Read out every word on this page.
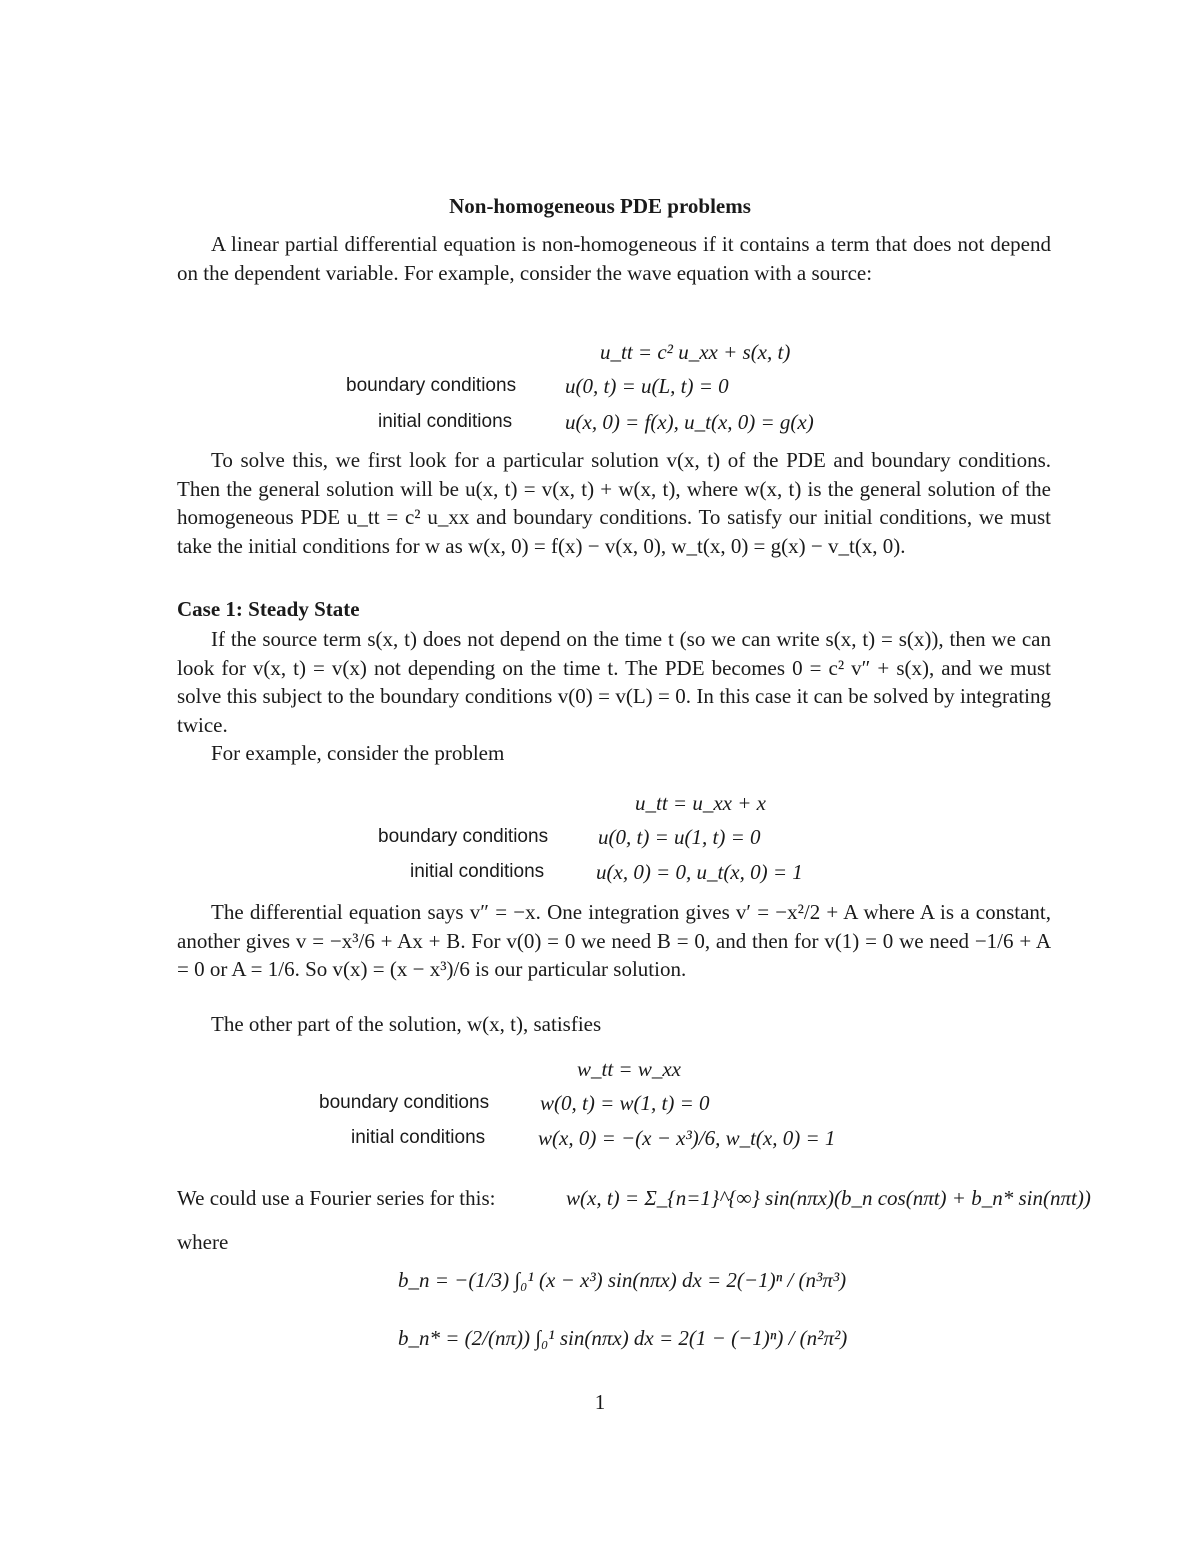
Non-homogeneous PDE problems
A linear partial differential equation is non-homogeneous if it contains a term that does not depend on the dependent variable. For example, consider the wave equation with a source:
u_tt = c² u_xx + s(x, t)
boundary conditions u(0, t) = u(L, t) = 0
initial conditions	u(x, 0) = f(x), u_t(x, 0) = g(x)
To solve this, we first look for a particular solution v(x, t) of the PDE and boundary conditions. Then the general solution will be u(x, t) = v(x, t) + w(x, t), where w(x, t) is the general solution of the homogeneous PDE u_tt = c² u_xx and boundary conditions. To satisfy our initial conditions, we must take the initial conditions for w as w(x, 0) = f(x) − v(x, 0), w_t(x, 0) = g(x) − v_t(x, 0).
Case 1: Steady State
If the source term s(x, t) does not depend on the time t (so we can write s(x, t) = s(x)), then we can look for v(x, t) = v(x) not depending on the time t. The PDE becomes 0 = c² v″ + s(x), and we must solve this subject to the boundary conditions v(0) = v(L) = 0. In this case it can be solved by integrating twice.
For example, consider the problem
u_tt = u_xx + x
boundary conditions u(0, t) = u(1, t) = 0
initial conditions u(x, 0) = 0, u_t(x, 0) = 1
The differential equation says v″ = −x. One integration gives v′ = −x²/2 + A where A is a constant, another gives v = −x³/6 + Ax + B. For v(0) = 0 we need B = 0, and then for v(1) = 0 we need −1/6 + A = 0 or A = 1/6. So v(x) = (x − x³)/6 is our particular solution.
The other part of the solution, w(x, t), satisfies
w_tt = w_xx
boundary conditions w(0, t) = w(1, t) = 0
initial conditions	w(x, 0) = −(x − x³)/6, w_t(x, 0) = 1
We could use a Fourier series for this:	w(x, t) = Σ_{n=1}^{∞} sin(nπx)(b_n cos(nπt) + b_n* sin(nπt))
where
b_n = −(1/3) ∫₀¹ (x − x³) sin(nπx) dx = 2(−1)ⁿ / (n³π³)
b_n* = (2/(nπ)) ∫₀¹ sin(nπx) dx = 2(1 − (−1)ⁿ) / (n²π²)
1
